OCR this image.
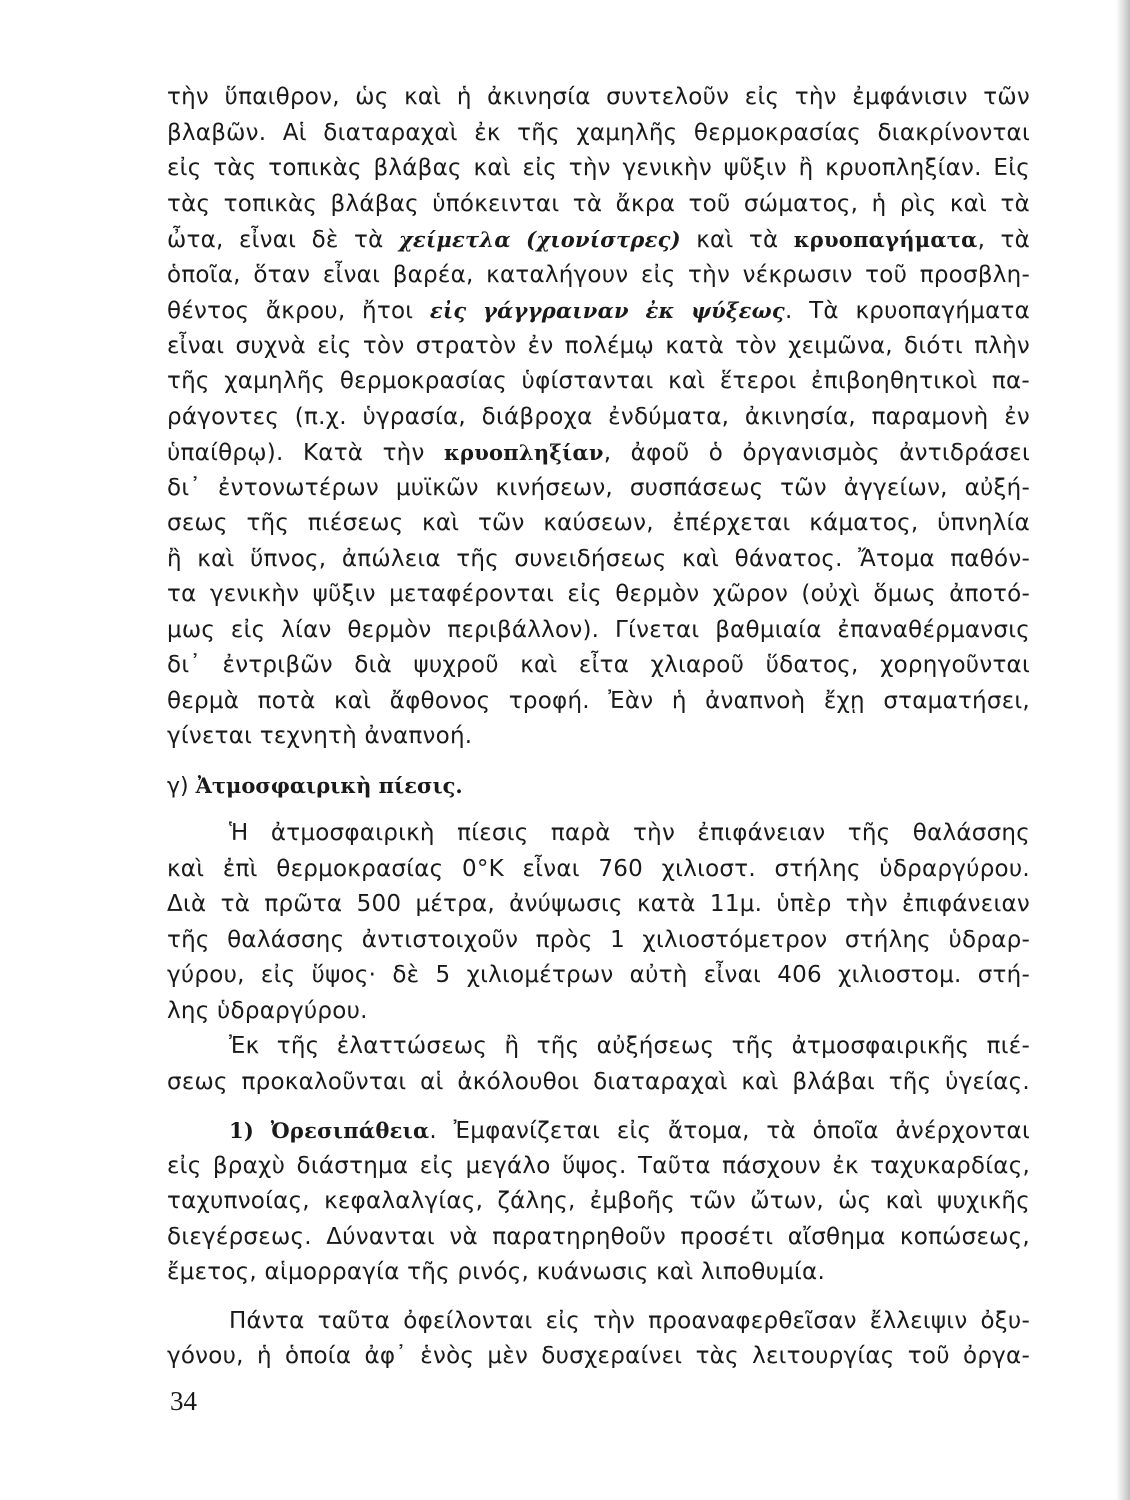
τὴν ὕπαιθρον, ὡς καὶ ἡ ἀκινησία συντελοῦν εἰς τὴν ἐμφάνισιν τῶν
βλαβῶν. Αἱ διαταραχαὶ ἐκ τῆς χαμηλῆς θερμοκρασίας διακρίνονται
εἰς τὰς τοπικὰς βλάβας καὶ εἰς τὴν γενικὴν ψῦξιν ἢ κρυοπληξίαν. Εἰς
τὰς τοπικὰς βλάβας ὑπόκεινται τὰ ἄκρα τοῦ σώματος, ἡ ρὶς καὶ τὰ
ὦτα, εἶναι δὲ τὰ χείμετλα (χιονίστρες) καὶ τὰ κρυοπαγήματα, τὰ
ὁποῖα, ὅταν εἶναι βαρέα, καταλήγουν εἰς τὴν νέκρωσιν τοῦ προσβλη-
θέντος ἄκρου, ἤτοι εἰς γάγγραιναν ἐκ ψύξεως. Τὰ κρυοπαγήματα
εἶναι συχνὰ εἰς τὸν στρατὸν ἐν πολέμῳ κατὰ τὸν χειμῶνα, διότι πλὴν
τῆς χαμηλῆς θερμοκρασίας ὑφίστανται καὶ ἕτεροι ἐπιβοηθητικοὶ πα-
ράγοντες (π.χ. ὑγρασία, διάβροχα ἐνδύματα, ἀκινησία, παραμονὴ ἐν
ὑπαίθρῳ). Κατὰ τὴν κρυοπληξίαν, ἀφοῦ ὁ ὀργανισμὸς ἀντιδράσει
δι᾽ ἐντονωτέρων μυϊκῶν κινήσεων, συσπάσεως τῶν ἀγγείων, αὐξή-
σεως τῆς πιέσεως καὶ τῶν καύσεων, ἐπέρχεται κάματος, ὑπνηλία
ἢ καὶ ὕπνος, ἀπώλεια τῆς συνειδήσεως καὶ θάνατος. Ἄτομα παθόν-
τα γενικὴν ψῦξιν μεταφέρονται εἰς θερμὸν χῶρον (οὐχὶ ὅμως ἀποτό-
μως εἰς λίαν θερμὸν περιβάλλον). Γίνεται βαθμιαία ἐπαναθέρμανσις
δι᾽ ἐντριβῶν διὰ ψυχροῦ καὶ εἶτα χλιαροῦ ὕδατος, χορηγοῦνται
θερμὰ ποτὰ καὶ ἄφθονος τροφή. Ἐὰν ἡ ἀναπνοὴ ἔχῃ σταματήσει,
γίνεται τεχνητὴ ἀναπνοή.
γ) Ἀτμοσφαιρικὴ πίεσις.
Ἡ ἀτμοσφαιρικὴ πίεσις παρὰ τὴν ἐπιφάνειαν τῆς θαλάσσης
καὶ ἐπὶ θερμοκρασίας 0°K εἶναι 760 χιλιοστ. στήλης ὑδραργύρου.
Διὰ τὰ πρῶτα 500 μέτρα, ἀνύψωσις κατὰ 11μ. ὑπὲρ τὴν ἐπιφάνειαν
τῆς θαλάσσης ἀντιστοιχοῦν πρὸς 1 χιλιοστόμετρον στήλης ὑδραρ-
γύρου, εἰς ὕψος· δὲ 5 χιλιομέτρων αὐτὴ εἶναι 406 χιλιοστομ. στή-
λης ὑδραργύρου.
Ἐκ τῆς ἐλαττώσεως ἢ τῆς αὐξήσεως τῆς ἀτμοσφαιρικῆς πιέ-
σεως προκαλοῦνται αἱ ἀκόλουθοι διαταραχαὶ καὶ βλάβαι τῆς ὑγείας.
1) Ὀρεσιπάθεια. Ἐμφανίζεται εἰς ἄτομα, τὰ ὁποῖα ἀνέρχονται
εἰς βραχὺ διάστημα εἰς μεγάλο ὕψος. Ταῦτα πάσχουν ἐκ ταχυκαρδίας,
ταχυπνοίας, κεφαλαλγίας, ζάλης, ἐμβοῆς τῶν ὤτων, ὡς καὶ ψυχικῆς
διεγέρσεως. Δύνανται νὰ παρατηρηθοῦν προσέτι αἴσθημα κοπώσεως,
ἔμετος, αἱμορραγία τῆς ρινός, κυάνωσις καὶ λιποθυμία.
Πάντα ταῦτα ὀφείλονται εἰς τὴν προαναφερθεῖσαν ἔλλειψιν ὀξυ-
γόνου, ἡ ὁποία ἀφ᾽ ἑνὸς μὲν δυσχεραίνει τὰς λειτουργίας τοῦ ὀργα-
34
